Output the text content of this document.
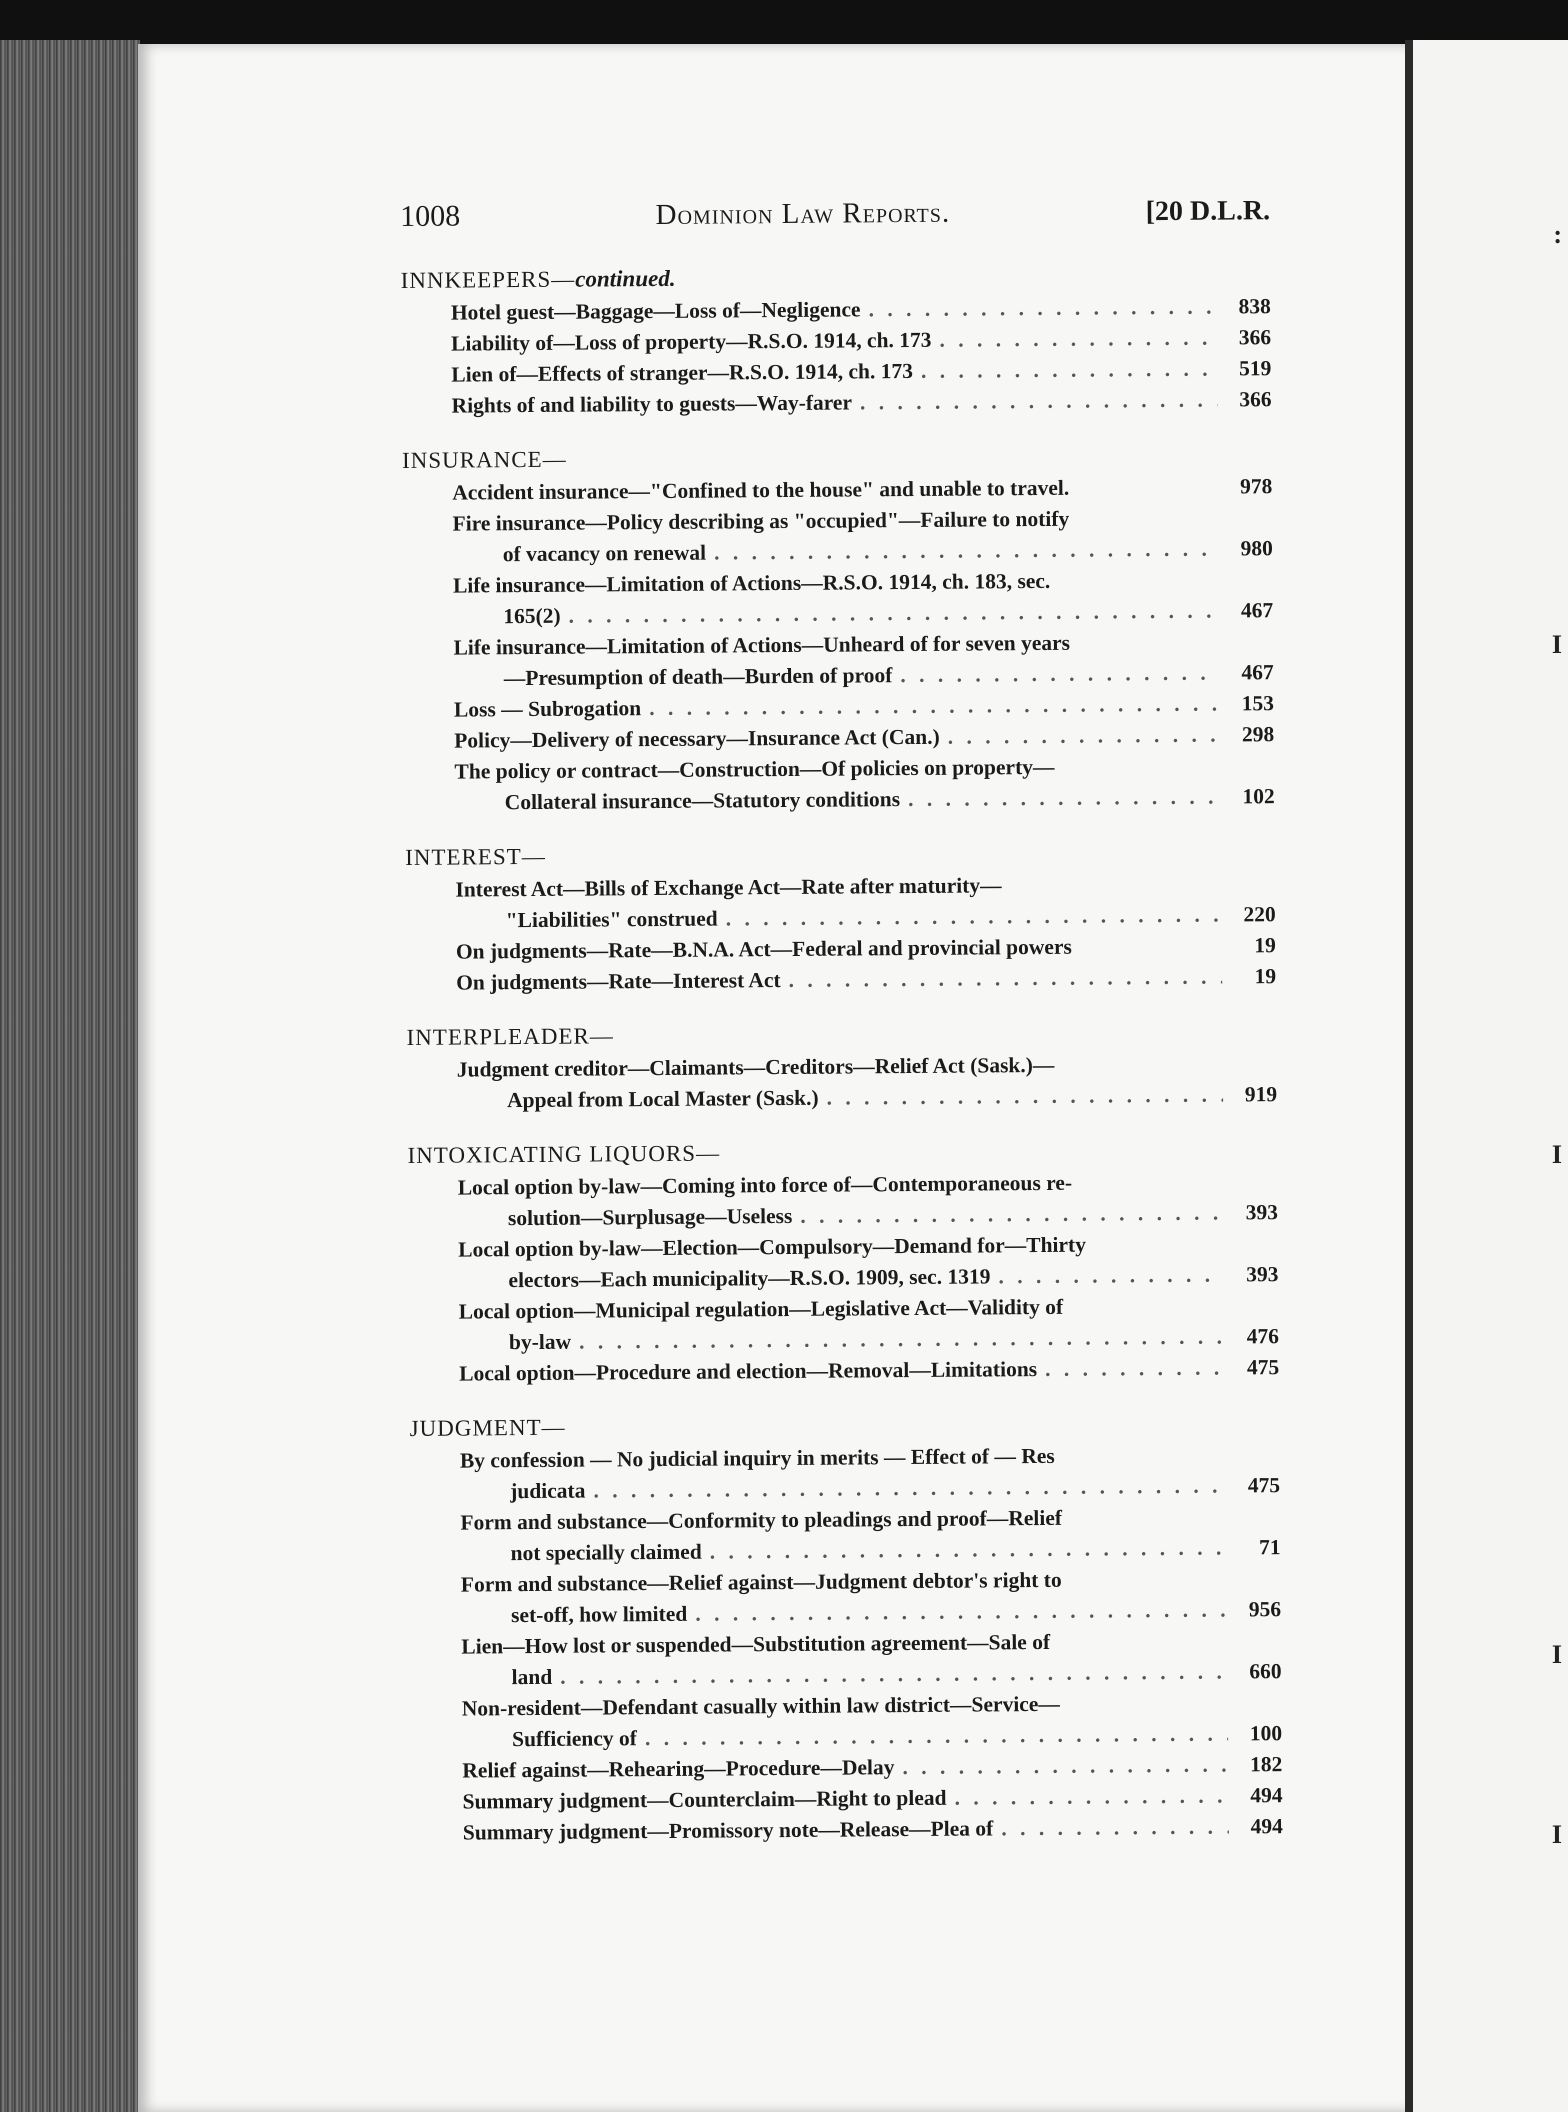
:
I
I
I
I
1008	Dominion Law Reports.	[20 D.L.R.
INNKEEPERS—continued.
Hotel guest—Baggage—Loss of—Negligence . . .	838
Liability of—Loss of property—R.S.O. 1914, ch. 173 . . .	366
Lien of—Effects of stranger—R.S.O. 1914, ch. 173 . . .	519
Rights of and liability to guests—Way-farer . . .	366
INSURANCE—
Accident insurance—"Confined to the house" and unable to travel.	978
Fire insurance—Policy describing as "occupied"—Failure to notify
of vacancy on renewal . . .	980
Life insurance—Limitation of Actions—R.S.O. 1914, ch. 183, sec.
165(2) . . .	467
Life insurance—Limitation of Actions—Unheard of for seven years
—Presumption of death—Burden of proof . . .	467
Loss — Subrogation . . .	153
Policy—Delivery of necessary—Insurance Act (Can.) . . .	298
The policy or contract—Construction—Of policies on property—
Collateral insurance—Statutory conditions . . .	102
INTEREST—
Interest Act—Bills of Exchange Act—Rate after maturity—
"Liabilities" construed . . .	220
On judgments—Rate—B.N.A. Act—Federal and provincial powers	19
On judgments—Rate—Interest Act . . .	19
INTERPLEADER—
Judgment creditor—Claimants—Creditors—Relief Act (Sask.)—
Appeal from Local Master (Sask.) . . .	919
INTOXICATING LIQUORS—
Local option by-law—Coming into force of—Contemporaneous re-
solution—Surplusage—Useless . . .	393
Local option by-law—Election—Compulsory—Demand for—Thirty
electors—Each municipality—R.S.O. 1909, sec. 1319 . . .	393
Local option—Municipal regulation—Legislative Act—Validity of
by-law . . .	476
Local option—Procedure and election—Removal—Limitations . . .	475
JUDGMENT—
By confession — No judicial inquiry in merits — Effect of — Res
judicata . . .	475
Form and substance—Conformity to pleadings and proof—Relief
not specially claimed . . .	71
Form and substance—Relief against—Judgment debtor's right to
set-off, how limited . . .	956
Lien—How lost or suspended—Substitution agreement—Sale of
land . . .	660
Non-resident—Defendant casually within law district—Service—
Sufficiency of . . .	100
Relief against—Rehearing—Procedure—Delay . . .	182
Summary judgment—Counterclaim—Right to plead . . .	494
Summary judgment—Promissory note—Release—Plea of . . .	494
